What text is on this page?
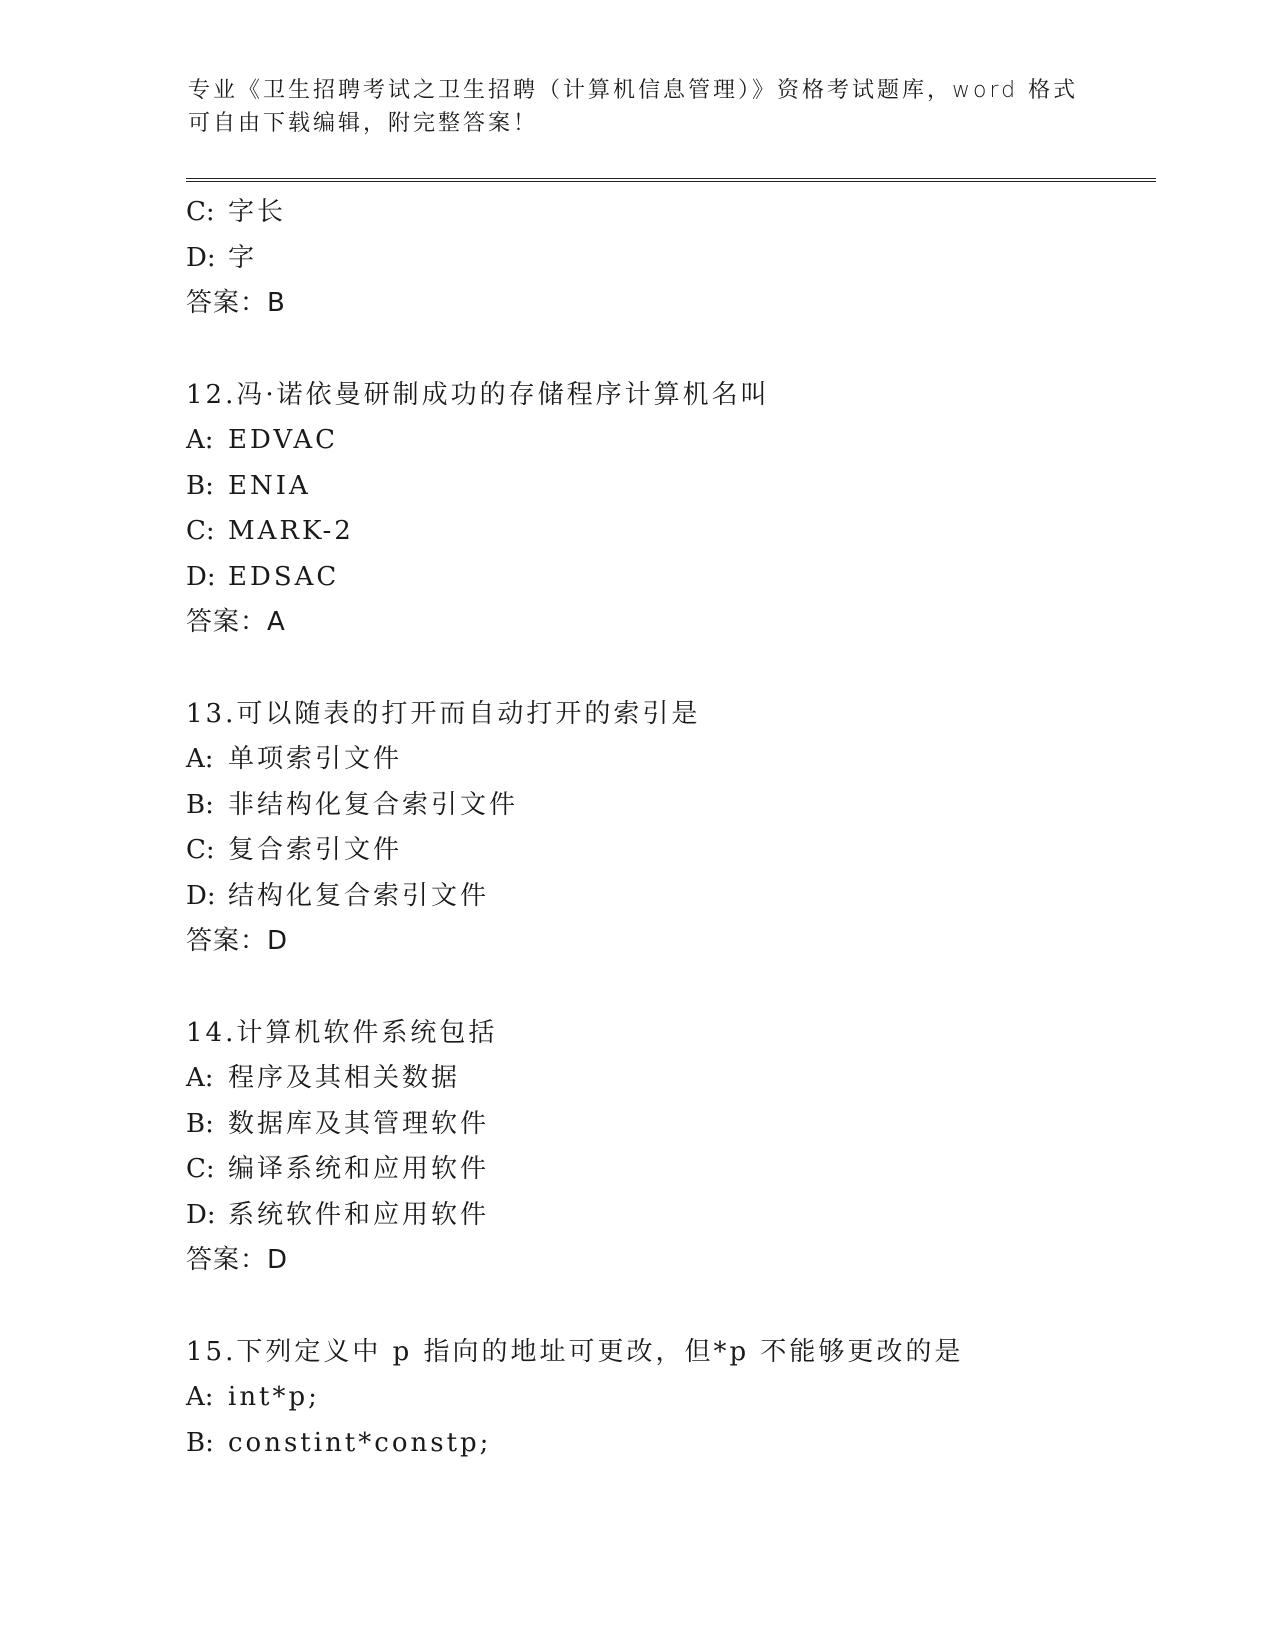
专业《卫生招聘考试之卫生招聘（计算机信息管理）》资格考试题库，word 格式
可自由下载编辑，附完整答案！
C: 字长
D: 字
答案：B
12.冯·诺依曼研制成功的存储程序计算机名叫
A: EDVAC
B: ENIA
C: MARK-2
D: EDSAC
答案：A
13.可以随表的打开而自动打开的索引是
A: 单项索引文件
B: 非结构化复合索引文件
C: 复合索引文件
D: 结构化复合索引文件
答案：D
14.计算机软件系统包括
A: 程序及其相关数据
B: 数据库及其管理软件
C: 编译系统和应用软件
D: 系统软件和应用软件
答案：D
15.下列定义中 p 指向的地址可更改，但*p 不能够更改的是
A: int*p;
B: constint*constp;
